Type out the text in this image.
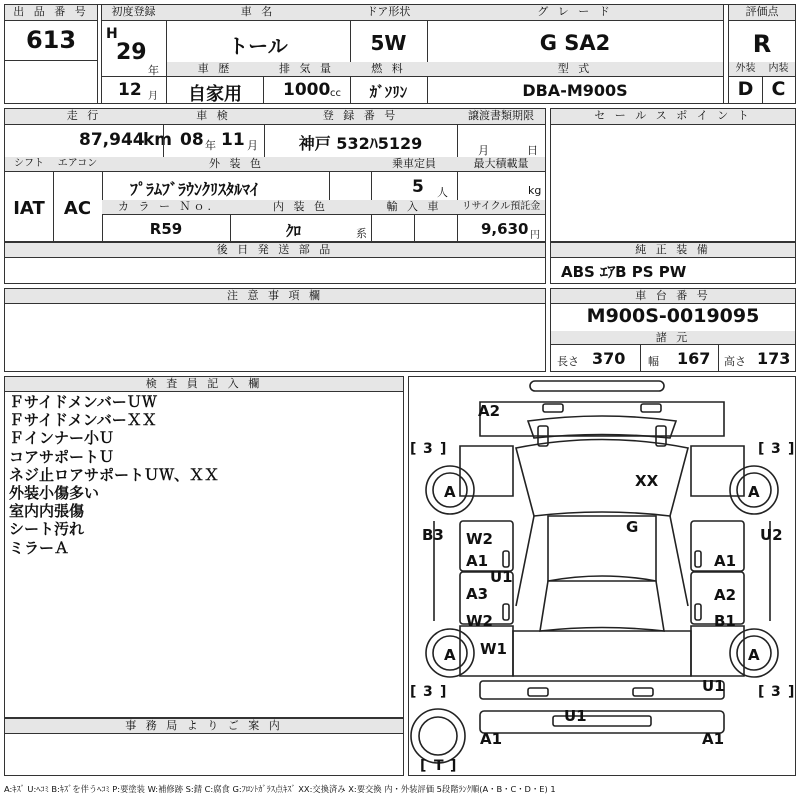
出 品 番 号
613
初度登録
H
29
年
12 月
車 名
トール
ドア形状
5W
グ レ ー ド
G SA2
評価点
R
車 歴	排 気 量	燃 料	型 式
自家用	1000 cc	ｶﾞｿﾘﾝ	DBA-M900S
外装	内装
D C
走 行
87,944
km
車 検
08 年 11 月
登 録 番 号
神戸 532ﾊ5129
譲渡書類期限
月	日
シフト	エアコン
IAT	AC
外 装 色
ﾌﾟﾗﾑﾌﾞﾗｳﾝｸﾘｽﾀﾙﾏｲ
乗車定員
5 人
最大積載量
kg
カ ラ ー Ｎｏ.	内 装 色	輸 入 車	リサイクル預託金
R59	ｸﾛ	系	9,630 円
後 日 発 送 部 品
注 意 事 項 欄
セ ー ル ス ポ イ ン ト
純 正 装 備
ABS ｴｱB PS PW
車 台 番 号
M900S-0019095
諸 元
長さ 370 幅 167 高さ 173
検 査 員 記 入 欄
ＦサイドメンバーＵＷ
ＦサイドメンバーＸＸ
Ｆインナー小Ｕ
コアサポートＵ
ネジ止ロアサポートＵＷ、ＸＸ
外装小傷多い
室内内張傷
シート汚れ
ミラーＡ
事 務 局 よ り ご 案 内
A2
XX
G
B3 W2
A1
U1
A3
W2
W1
A	A
A	A
A1
A2
B1
U2
U1
U1
A1	A1
[ 3 ]	[ 3 ]
[ 3 ]	[ 3 ]
[ T ]
A:ｷｽﾞ U:ﾍｺﾐ B:ｷｽﾞを伴うﾍｺﾐ P:要塗装 W:補修跡 S:錆 C:腐食 G:ﾌﾛﾝﾄｶﾞﾗｽ点ｷｽﾞ XX:交換済み X:要交換 内・外装評価 5段階ﾗﾝｸ順(A・B・C・D・E) 1
